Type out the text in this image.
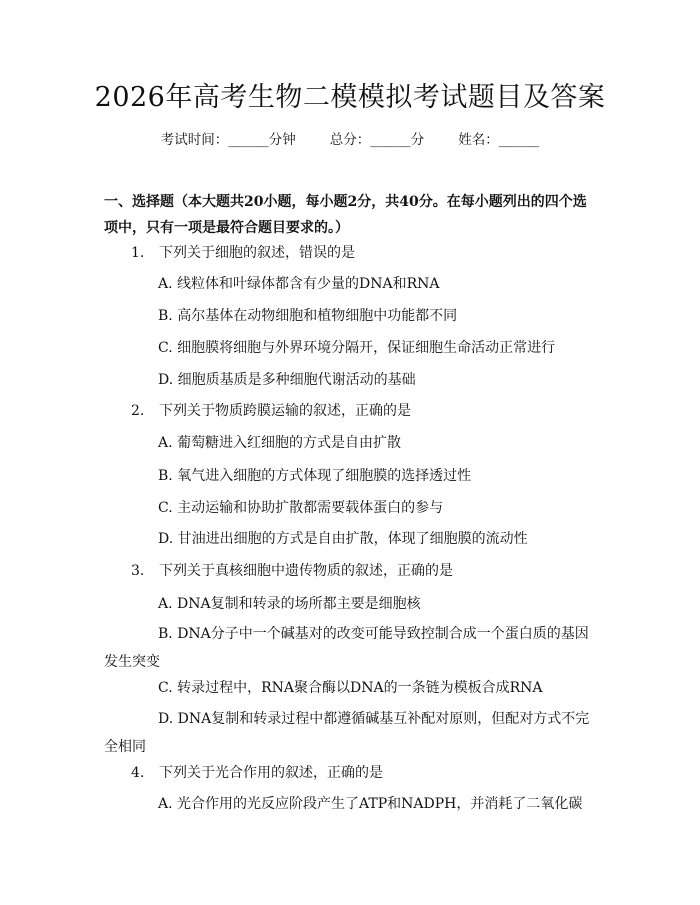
2026年高考生物二模模拟考试题目及答案
考试时间：______分钟	总分：______分	姓名：______
一、选择题（本大题共20小题，每小题2分，共40分。在每小题列出的四个选项中，只有一项是最符合题目要求的。）
1. 下列关于细胞的叙述，错误的是
A. 线粒体和叶绿体都含有少量的DNA和RNA
B. 高尔基体在动物细胞和植物细胞中功能都不同
C. 细胞膜将细胞与外界环境分隔开，保证细胞生命活动正常进行
D. 细胞质基质是多种细胞代谢活动的基础
2. 下列关于物质跨膜运输的叙述，正确的是
A. 葡萄糖进入红细胞的方式是自由扩散
B. 氧气进入细胞的方式体现了细胞膜的选择透过性
C. 主动运输和协助扩散都需要载体蛋白的参与
D. 甘油进出细胞的方式是自由扩散，体现了细胞膜的流动性
3. 下列关于真核细胞中遗传物质的叙述，正确的是
A. DNA复制和转录的场所都主要是细胞核
B. DNA分子中一个碱基对的改变可能导致控制合成一个蛋白质的基因发生突变
C. 转录过程中，RNA聚合酶以DNA的一条链为模板合成RNA
D. DNA复制和转录过程中都遵循碱基互补配对原则，但配对方式不完全相同
4. 下列关于光合作用的叙述，正确的是
A. 光合作用的光反应阶段产生了ATP和NADPH，并消耗了二氧化碳
